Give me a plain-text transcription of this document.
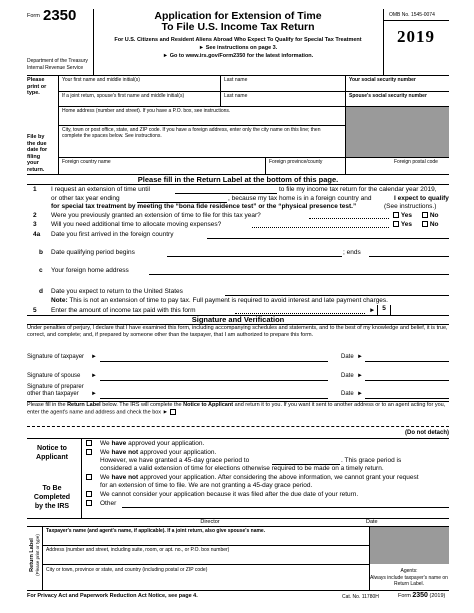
Form 2350
Department of the Treasury
Internal Revenue Service
Application for Extension of Time
To File U.S. Income Tax Return
For U.S. Citizens and Resident Aliens Abroad Who Expect To Qualify for Special Tax Treatment
► See instructions on page 3.
► Go to www.irs.gov/Form2350 for the latest information.
OMB No. 1545-0074
2019
Please print or type.
File by the due date for filing your return.
Your first name and middle initial(s)	Last name	Your social security number
If a joint return, spouse's first name and middle initial(s)	Last name	Spouse's social security number
Home address (number and street). If you have a P.O. box, see instructions.
City, town or post office, state, and ZIP code. If you have a foreign address, enter only the city name on this line; then complete the spaces below. See instructions.
Foreign country name	Foreign province/county	Foreign postal code
Please fill in the Return Label at the bottom of this page.
1 I request an extension of time until	to file my income tax return for the calendar year 2019,
or other tax year ending	, because my tax home is in a foreign country and	I expect to qualify
for special tax treatment by meeting the “bona fide residence test” or the “physical presence test.”	(See instructions.)
2 Were you previously granted an extension of time to file for this tax year?	Yes	No
3 Will you need additional time to allocate moving expenses?	Yes	No
4a Date you first arrived in the foreign country
b Date qualifying period begins	; ends
c Your foreign home address
d Date you expect to return to the United States
Note: This is not an extension of time to pay tax. Full payment is required to avoid interest and late payment charges.
5 Enter the amount of income tax paid with this form	►	5
Signature and Verification
Under penalties of perjury, I declare that I have examined this form, including accompanying schedules and statements, and to the best of my knowledge and belief, it is true, correct, and complete; and, if prepared by someone other than the taxpayer, that I am authorized to prepare this form.
Signature of taxpayer ►	Date ►
Signature of spouse ►	Date ►
Signature of preparer
other than taxpayer ►	Date ►
Please fill in the Return Label below. The IRS will complete the Notice to Applicant and return it to you. If you want it sent to another address or to an agent acting for you, enter the agent's name and address and check the box ►
(Do not detach)
Notice to
Applicant
To Be
Completed
by the IRS
We have approved your application.
We have not approved your application.
However, we have granted a 45-day grace period to	. This grace period is
considered a valid extension of time for elections otherwise required to be made on a timely return.
We have not approved your application. After considering the above information, we cannot grant your request
for an extension of time to file. We are not granting a 45-day grace period.
We cannot consider your application because it was filed after the due date of your return.
Other
Director	Date
Return Label (Please print or type)
Taxpayer's name (and agent's name, if applicable). If a joint return, also give spouse's name.
Address (number and street, including suite, room, or apt. no., or P.O. box number)
City or town, province or state, and country (including postal or ZIP code)	Agents:
Always include taxpayer's name on Return Label.
For Privacy Act and Paperwork Reduction Act Notice, see page 4.	Cat. No. 11780H	Form 2350 (2019)
